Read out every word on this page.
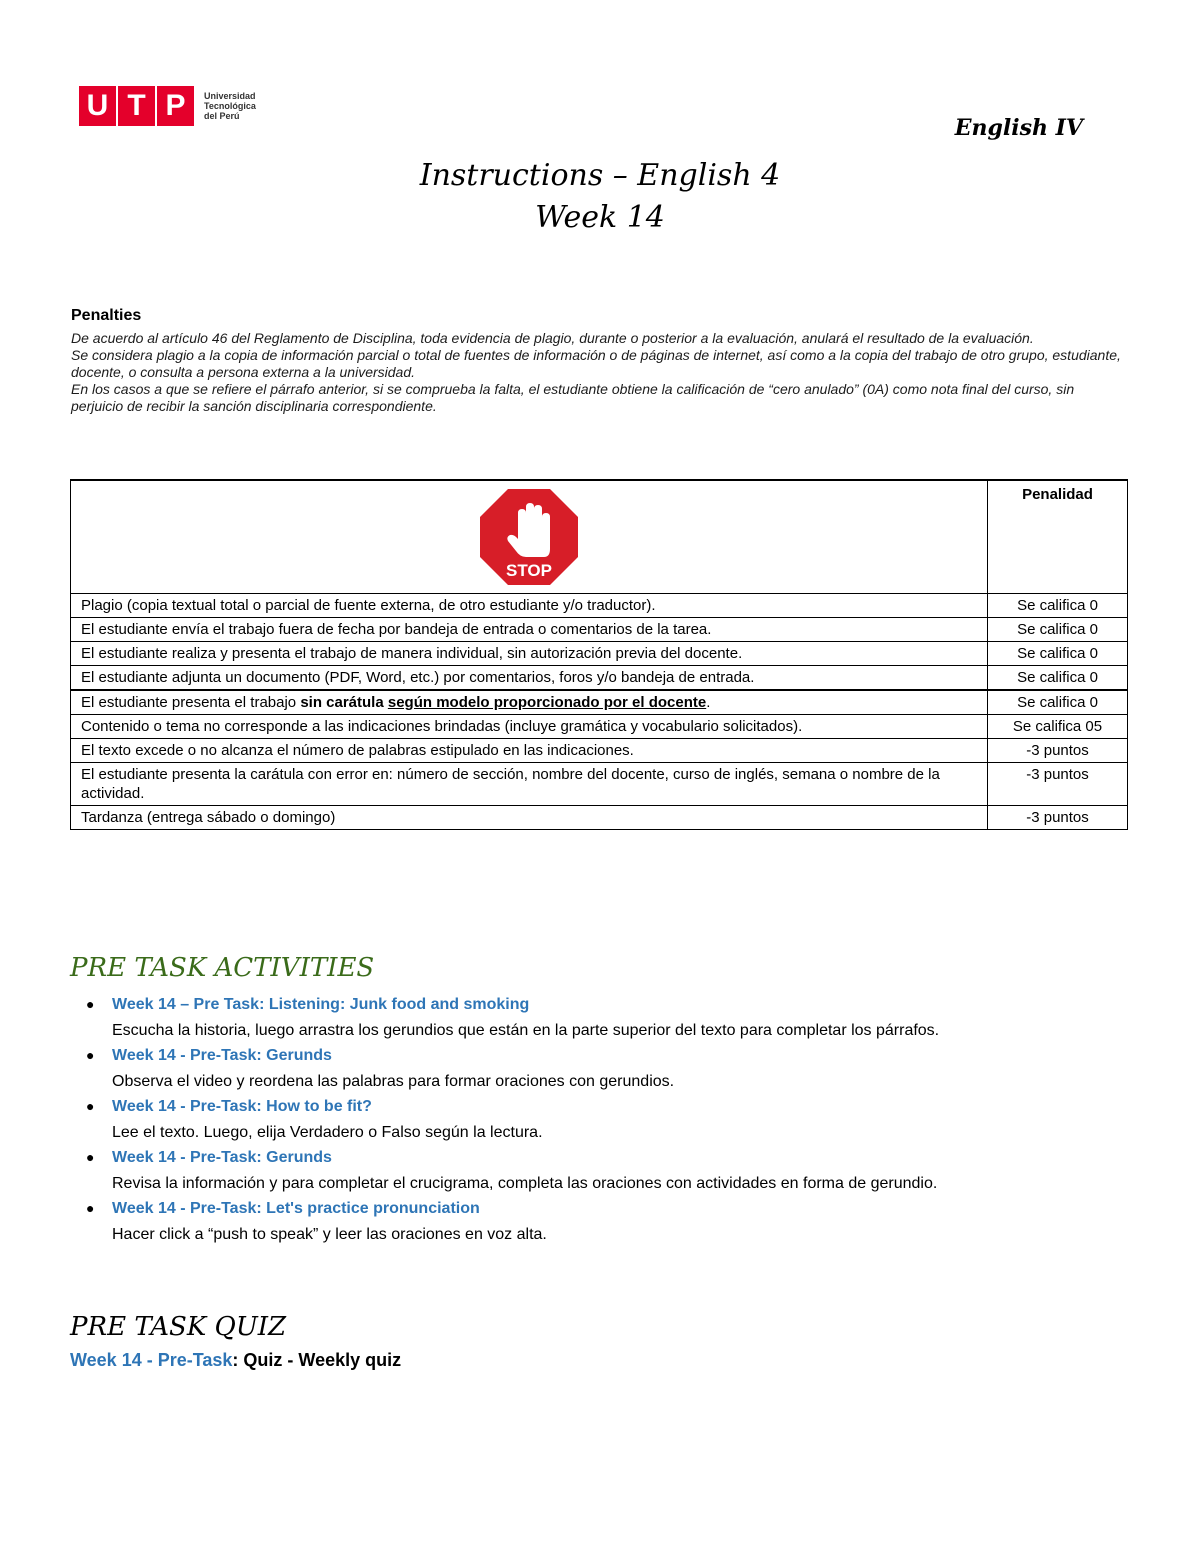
U T P	Universidad
Tecnológica
del Perú	English IV
Instructions – English 4
Week 14
Penalties

De acuerdo al artículo 46 del Reglamento de Disciplina, toda evidencia de plagio, durante o posterior a la evaluación, anulará el resultado de la evaluación.

Se considera plagio a la copia de información parcial o total de fuentes de información o de páginas de internet, así como a la copia del trabajo de otro grupo, estudiante, docente, o consulta a persona externa a la universidad.

En los casos a que se refiere el párrafo anterior, si se comprueba la falta, el estudiante obtiene la calificación de “cero anulado” (0A) como nota final del curso, sin perjuicio de recibir la sanción disciplinaria correspondiente.

STOP	Penalidad
Plagio (copia textual total o parcial de fuente externa, de otro estudiante y/o traductor).	Se califica 0
El estudiante envía el trabajo fuera de fecha por bandeja de entrada o comentarios de la tarea.	Se califica 0
El estudiante realiza y presenta el trabajo de manera individual, sin autorización previa del docente.	Se califica 0
El estudiante adjunta un documento (PDF, Word, etc.) por comentarios, foros y/o bandeja de entrada.	Se califica 0
El estudiante presenta el trabajo sin carátula según modelo proporcionado por el docente.	Se califica 0
Contenido o tema no corresponde a las indicaciones brindadas (incluye gramática y vocabulario solicitados).	Se califica 05
El texto excede o no alcanza el número de palabras estipulado en las indicaciones.	-3 puntos
El estudiante presenta la carátula con error en: número de sección, nombre del docente, curso de inglés, semana o nombre de la actividad.	-3 puntos
Tardanza (entrega sábado o domingo)	-3 puntos
PRE TASK ACTIVITIES
● Week 14 – Pre Task: Listening: Junk food and smoking
Escucha la historia, luego arrastra los gerundios que están en la parte superior del texto para completar los párrafos.
● Week 14 - Pre-Task: Gerunds
Observa el video y reordena las palabras para formar oraciones con gerundios.
● Week 14 - Pre-Task: How to be fit?
Lee el texto. Luego, elija Verdadero o Falso según la lectura.
● Week 14 - Pre-Task: Gerunds
Revisa la información y para completar el crucigrama, completa las oraciones con actividades en forma de gerundio.
● Week 14 - Pre-Task: Let's practice pronunciation
Hacer click a “push to speak” y leer las oraciones en voz alta.
PRE TASK QUIZ
Week 14 - Pre-Task: Quiz - Weekly quiz
